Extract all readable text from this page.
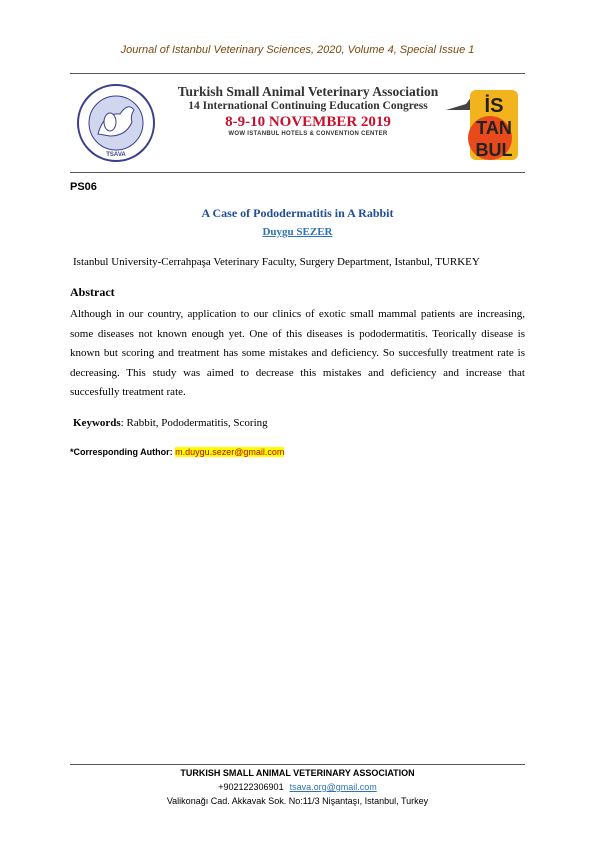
Journal of Istanbul Veterinary Sciences, 2020, Volume 4, Special Issue 1
TSAVA
Turkish Small Animal Veterinary Association
14 International Continuing Education Congress
8-9-10 NOVEMBER 2019
WOW ISTANBUL HOTELS & CONVENTION CENTER
İS
TAN
BUL
PS06
A Case of Pododermatitis in A Rabbit
Duygu SEZER
Istanbul University-Cerrahpaşa Veterinary Faculty, Surgery Department, Istanbul, TURKEY
Abstract
Although in our country, application to our clinics of exotic small mammal patients are increasing, some diseases not known enough yet. One of this diseases is pododermatitis. Teorically disease is known but scoring and treatment has some mistakes and deficiency. So succesfully treatment rate is decreasing. This study was aimed to decrease this mistakes and deficiency and increase that succesfully treatment rate.
Keywords: Rabbit, Pododermatitis, Scoring
*Corresponding Author: m.duygu.sezer@gmail.com
TURKISH SMALL ANIMAL VETERINARY ASSOCIATION
+902122306901 tsava.org@gmail.com
Valikonağı Cad. Akkavak Sok. No:11/3 Nişantaşı, Istanbul, Turkey
